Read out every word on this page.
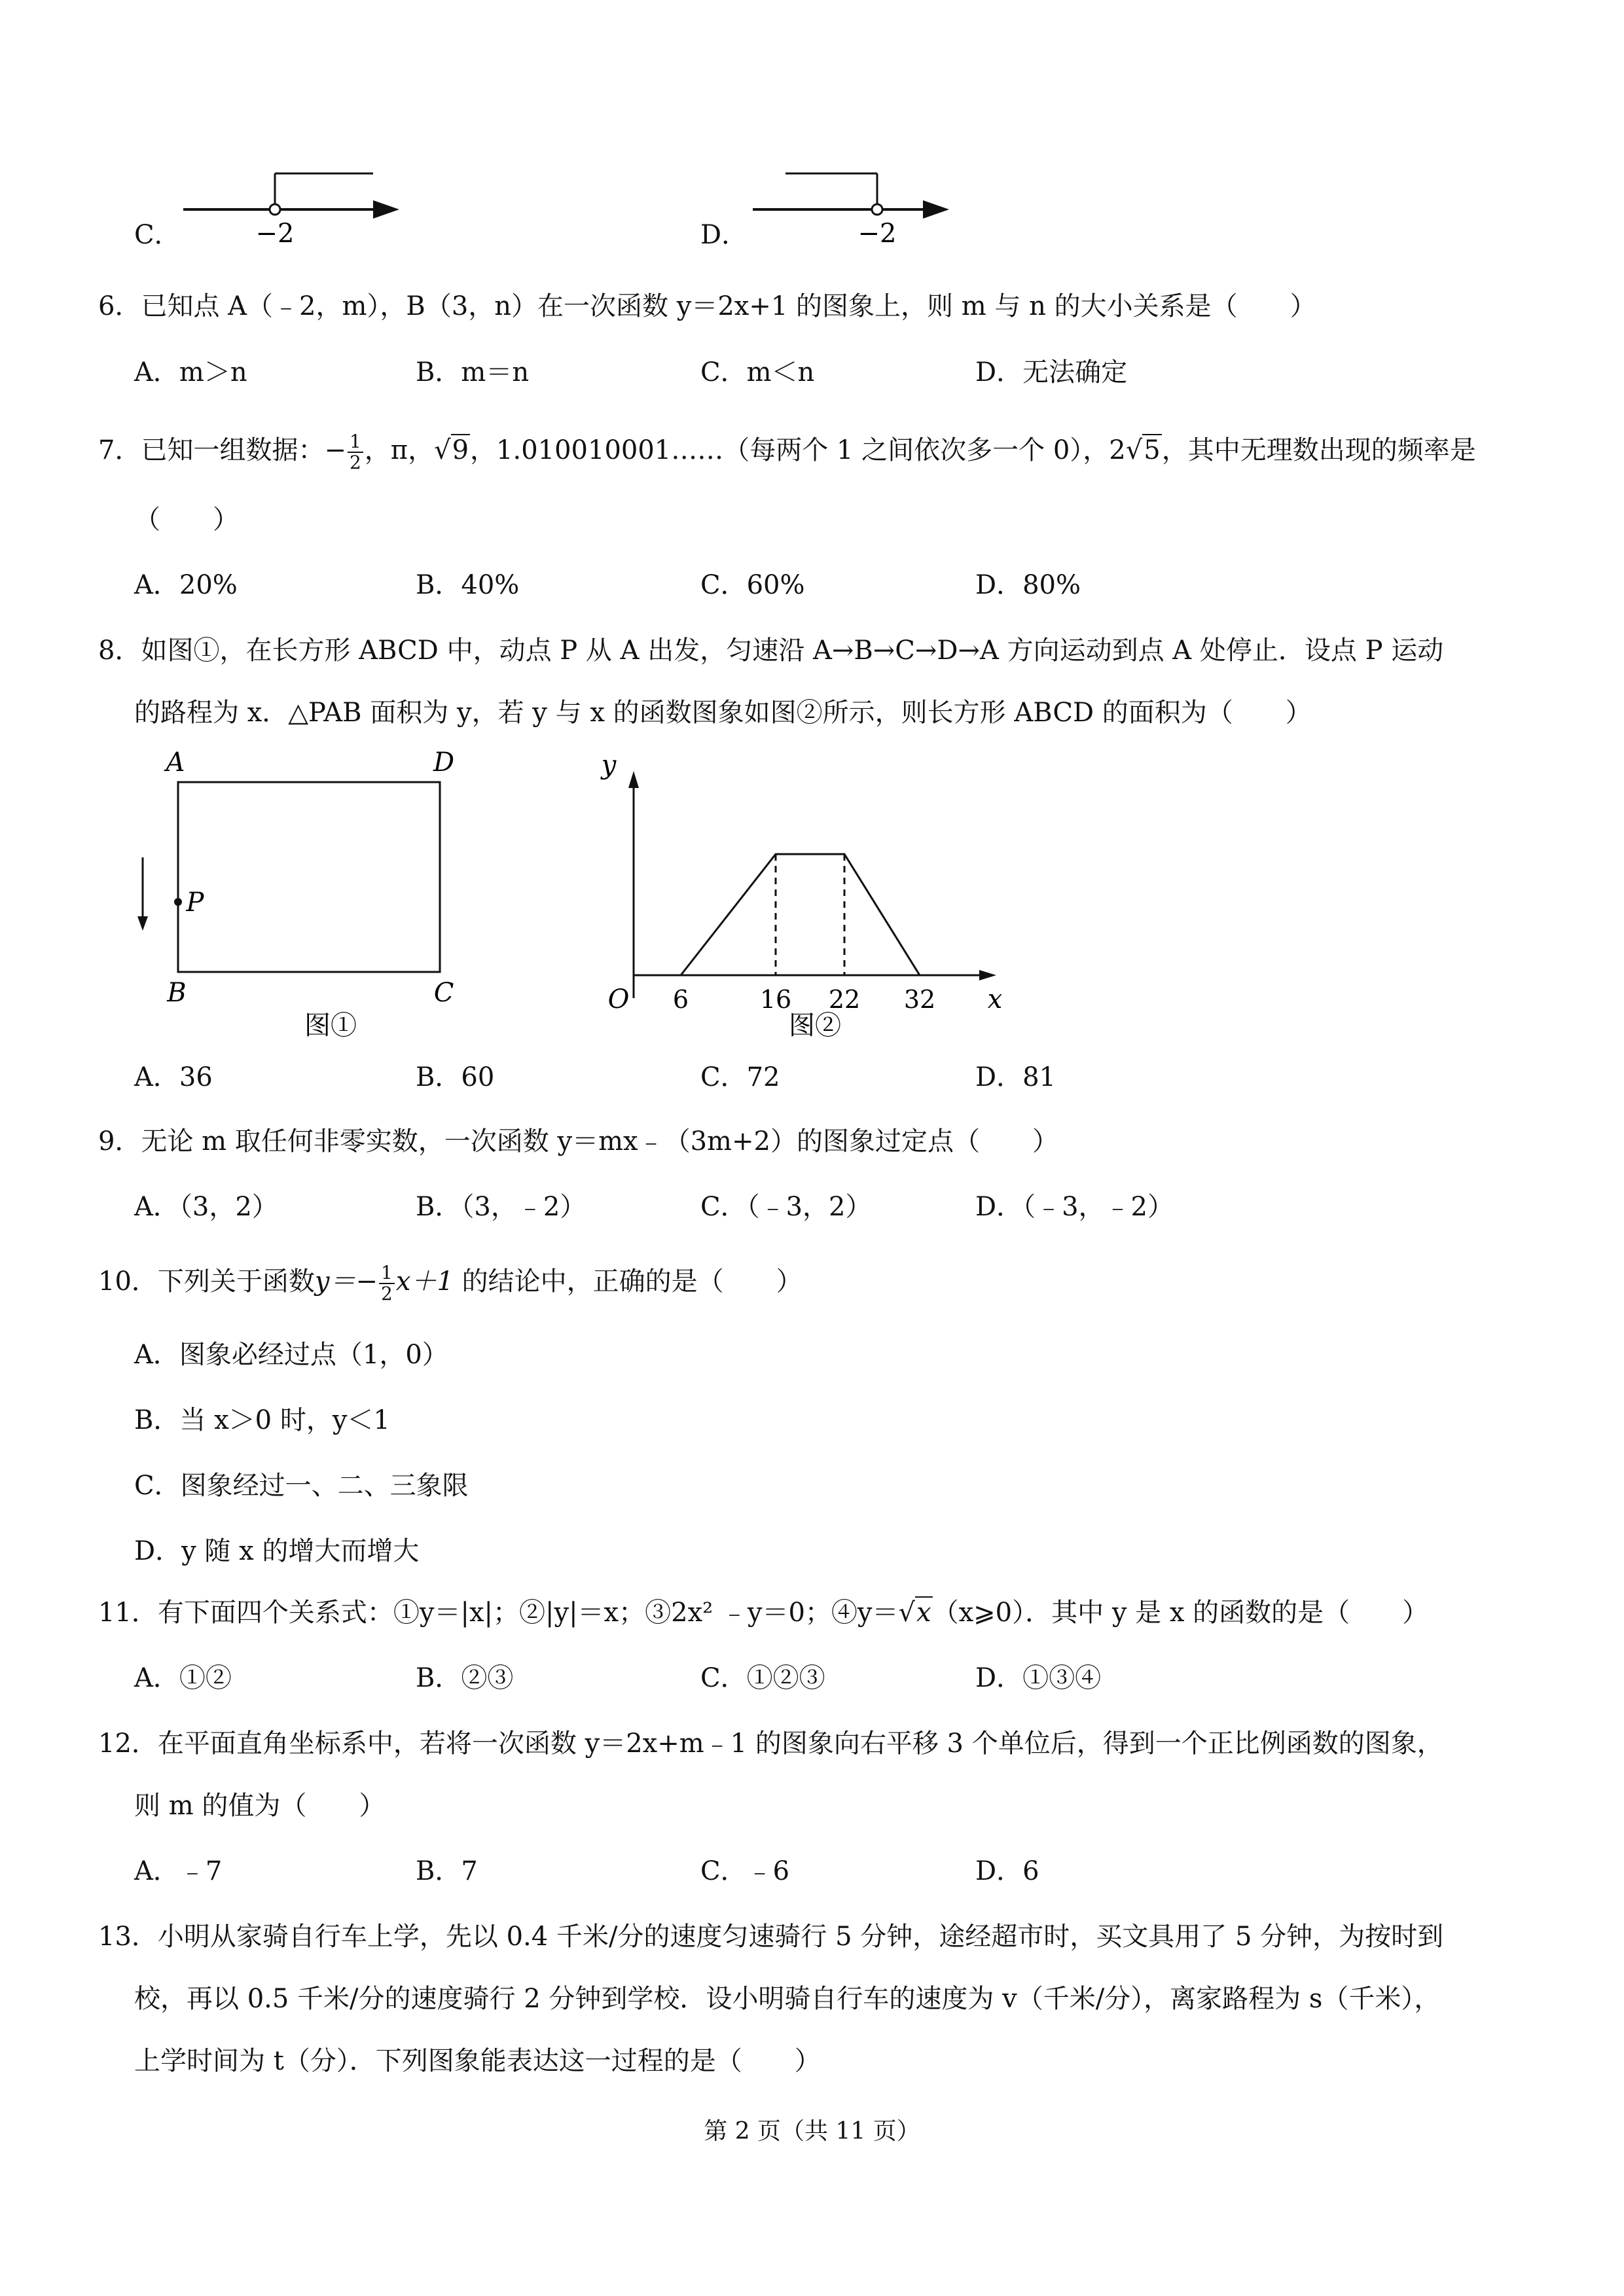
C．	−2	D．	−2
6．已知点 A（﹣2，m），B（3，n）在一次函数 y＝2x+1 的图象上，则 m 与 n 的大小关系是（　　）
A．m＞n	B．m＝n	C．m＜n	D．无法确定
7．已知一组数据：− $\frac{1}{2}$ ，π，√9，1.010010001……（每两个 1 之间依次多一个 0），2√5，其中无理数出现的频率是
（　　）
A．20%	B．40%	C．60%	D．80%
8．如图①，在长方形 ABCD 中，动点 P 从 A 出发，匀速沿 A→B→C→D→A 方向运动到点 A 处停止．设点 P 运动
的路程为 x．△PAB 面积为 y，若 y 与 x 的函数图象如图②所示，则长方形 ABCD 的面积为（　　）
A	D
B	C
P
图①
y
x
O 6	16 22 32
图②
A．36	B．60	C．72	D．81
9．无论 m 取任何非零实数，一次函数 y＝mx﹣（3m+2）的图象过定点（　　）
A．（3，2）	B．（3，﹣2）	C．（﹣3，2）	D．（﹣3，﹣2）
10．下列关于函数$y=- \frac{1}{2} x+1$ 的结论中，正确的是（　　）
A．图象必经过点（1，0）
B．当 x＞0 时，y＜1
C．图象经过一、二、三象限
D．y 随 x 的增大而增大
11．有下面四个关系式：①y＝|x|；②|y|＝x；③2x² ﹣y＝0；④y＝√x（x⩾0）．其中 y 是 x 的函数的是（　　）
A．①②	B．②③	C．①②③	D．①③④
12．在平面直角坐标系中，若将一次函数 y＝2x+m﹣1 的图象向右平移 3 个单位后，得到一个正比例函数的图象，
则 m 的值为（　　）
A．﹣7	B．7	C．﹣6	D．6
13．小明从家骑自行车上学，先以 0.4 千米/分的速度匀速骑行 5 分钟，途经超市时，买文具用了 5 分钟，为按时到
校，再以 0.5 千米/分的速度骑行 2 分钟到学校．设小明骑自行车的速度为 v（千米/分），离家路程为 s（千米），
上学时间为 t（分）．下列图象能表达这一过程的是（　　）
第 2 页（共 11 页）
